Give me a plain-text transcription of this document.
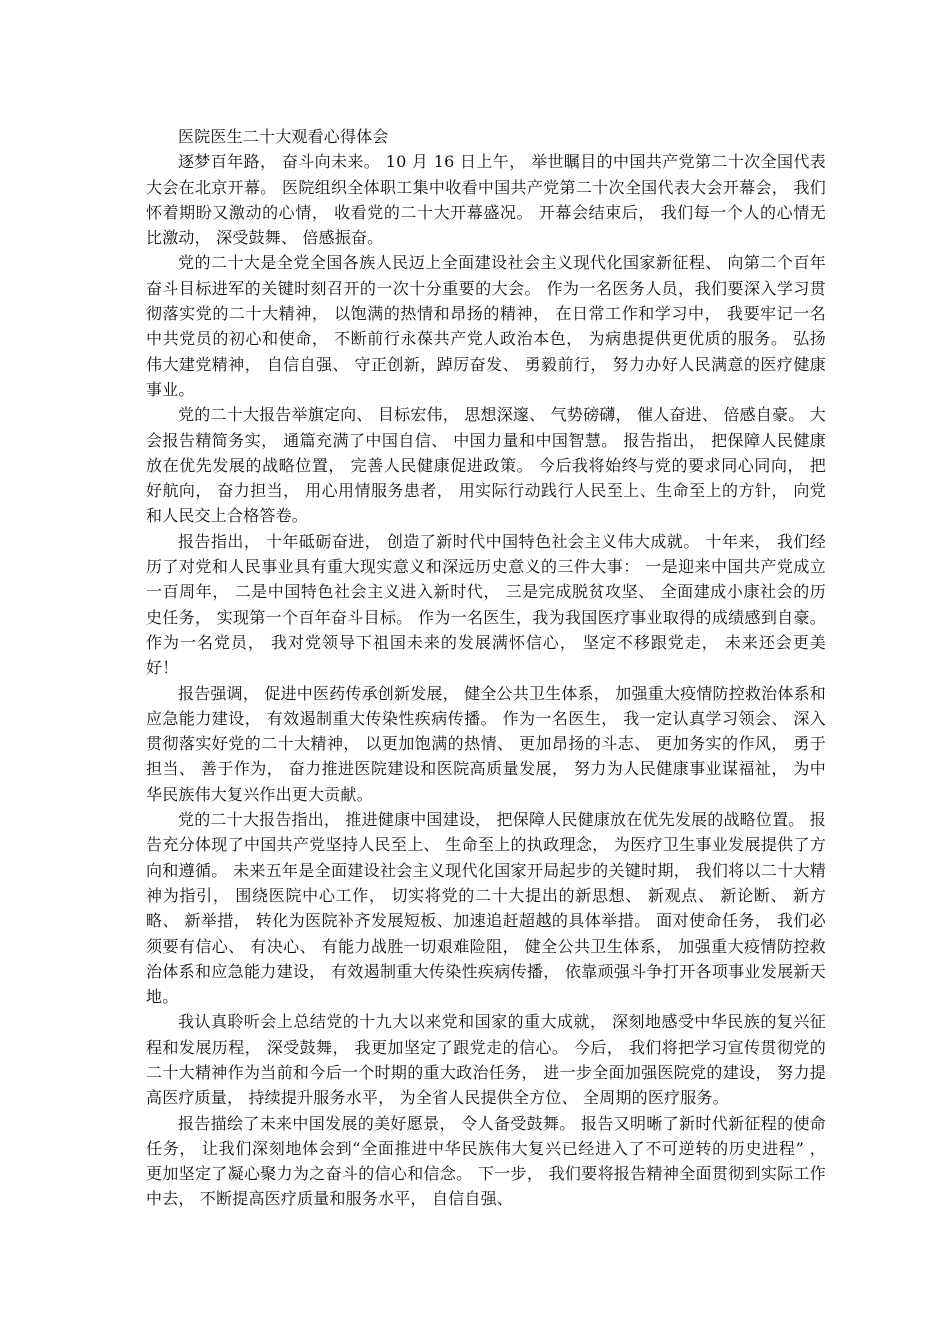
医院医生二十大观看心得体会

逐梦百年路， 奋斗向未来。 10 月 16 日上午， 举世瞩目的中国共产党第二十次全国代表大会在北京开幕。 医院组织全体职工集中收看中国共产党第二十次全国代表大会开幕会， 我们怀着期盼又激动的心情， 收看党的二十大开幕盛况。 开幕会结束后， 我们每一个人的心情无比激动， 深受鼓舞、 倍感振奋。

党的二十大是全党全国各族人民迈上全面建设社会主义现代化国家新征程、 向第二个百年奋斗目标进军的关键时刻召开的一次十分重要的大会。 作为一名医务人员，我们要深入学习贯彻落实党的二十大精神， 以饱满的热情和昂扬的精神， 在日常工作和学习中， 我要牢记一名中共党员的初心和使命， 不断前行永葆共产党人政治本色， 为病患提供更优质的服务。 弘扬伟大建党精神， 自信自强、 守正创新，踔厉奋发、 勇毅前行， 努力办好人民满意的医疗健康事业。

党的二十大报告举旗定向、 目标宏伟， 思想深邃、 气势磅礴， 催人奋进、 倍感自豪。 大会报告精简务实， 通篇充满了中国自信、 中国力量和中国智慧。 报告指出， 把保障人民健康放在优先发展的战略位置， 完善人民健康促进政策。 今后我将始终与党的要求同心同向， 把好航向， 奋力担当， 用心用情服务患者， 用实际行动践行人民至上、生命至上的方针， 向党和人民交上合格答卷。

报告指出， 十年砥砺奋进， 创造了新时代中国特色社会主义伟大成就。 十年来， 我们经历了对党和人民事业具有重大现实意义和深远历史意义的三件大事： 一是迎来中国共产党成立一百周年， 二是中国特色社会主义进入新时代， 三是完成脱贫攻坚、 全面建成小康社会的历史任务， 实现第一个百年奋斗目标。 作为一名医生，我为我国医疗事业取得的成绩感到自豪。 作为一名党员， 我对党领导下祖国未来的发展满怀信心， 坚定不移跟党走， 未来还会更美好！

报告强调， 促进中医药传承创新发展， 健全公共卫生体系， 加强重大疫情防控救治体系和应急能力建设， 有效遏制重大传染性疾病传播。 作为一名医生， 我一定认真学习领会、 深入贯彻落实好党的二十大精神， 以更加饱满的热情、 更加昂扬的斗志、 更加务实的作风， 勇于担当、 善于作为， 奋力推进医院建设和医院高质量发展， 努力为人民健康事业谋福祉， 为中华民族伟大复兴作出更大贡献。

党的二十大报告指出， 推进健康中国建设， 把保障人民健康放在优先发展的战略位置。 报告充分体现了中国共产党坚持人民至上、 生命至上的执政理念， 为医疗卫生事业发展提供了方向和遵循。 未来五年是全面建设社会主义现代化国家开局起步的关键时期， 我们将以二十大精神为指引， 围绕医院中心工作， 切实将党的二十大提出的新思想、 新观点、 新论断、 新方略、 新举措， 转化为医院补齐发展短板、加速追赶超越的具体举措。 面对使命任务， 我们必须要有信心、 有决心、 有能力战胜一切艰难险阻， 健全公共卫生体系， 加强重大疫情防控救治体系和应急能力建设， 有效遏制重大传染性疾病传播， 依靠顽强斗争打开各项事业发展新天地。

我认真聆听会上总结党的十九大以来党和国家的重大成就， 深刻地感受中华民族的复兴征程和发展历程， 深受鼓舞， 我更加坚定了跟党走的信心。 今后， 我们将把学习宣传贯彻党的二十大精神作为当前和今后一个时期的重大政治任务， 进一步全面加强医院党的建设， 努力提高医疗质量， 持续提升服务水平， 为全省人民提供全方位、 全周期的医疗服务。

报告描绘了未来中国发展的美好愿景， 令人备受鼓舞。 报告又明晰了新时代新征程的使命任务， 让我们深刻地体会到“全面推进中华民族伟大复兴已经进入了不可逆转的历史进程” ， 更加坚定了凝心聚力为之奋斗的信心和信念。 下一步， 我们要将报告精神全面贯彻到实际工作中去， 不断提高医疗质量和服务水平， 自信自强、
